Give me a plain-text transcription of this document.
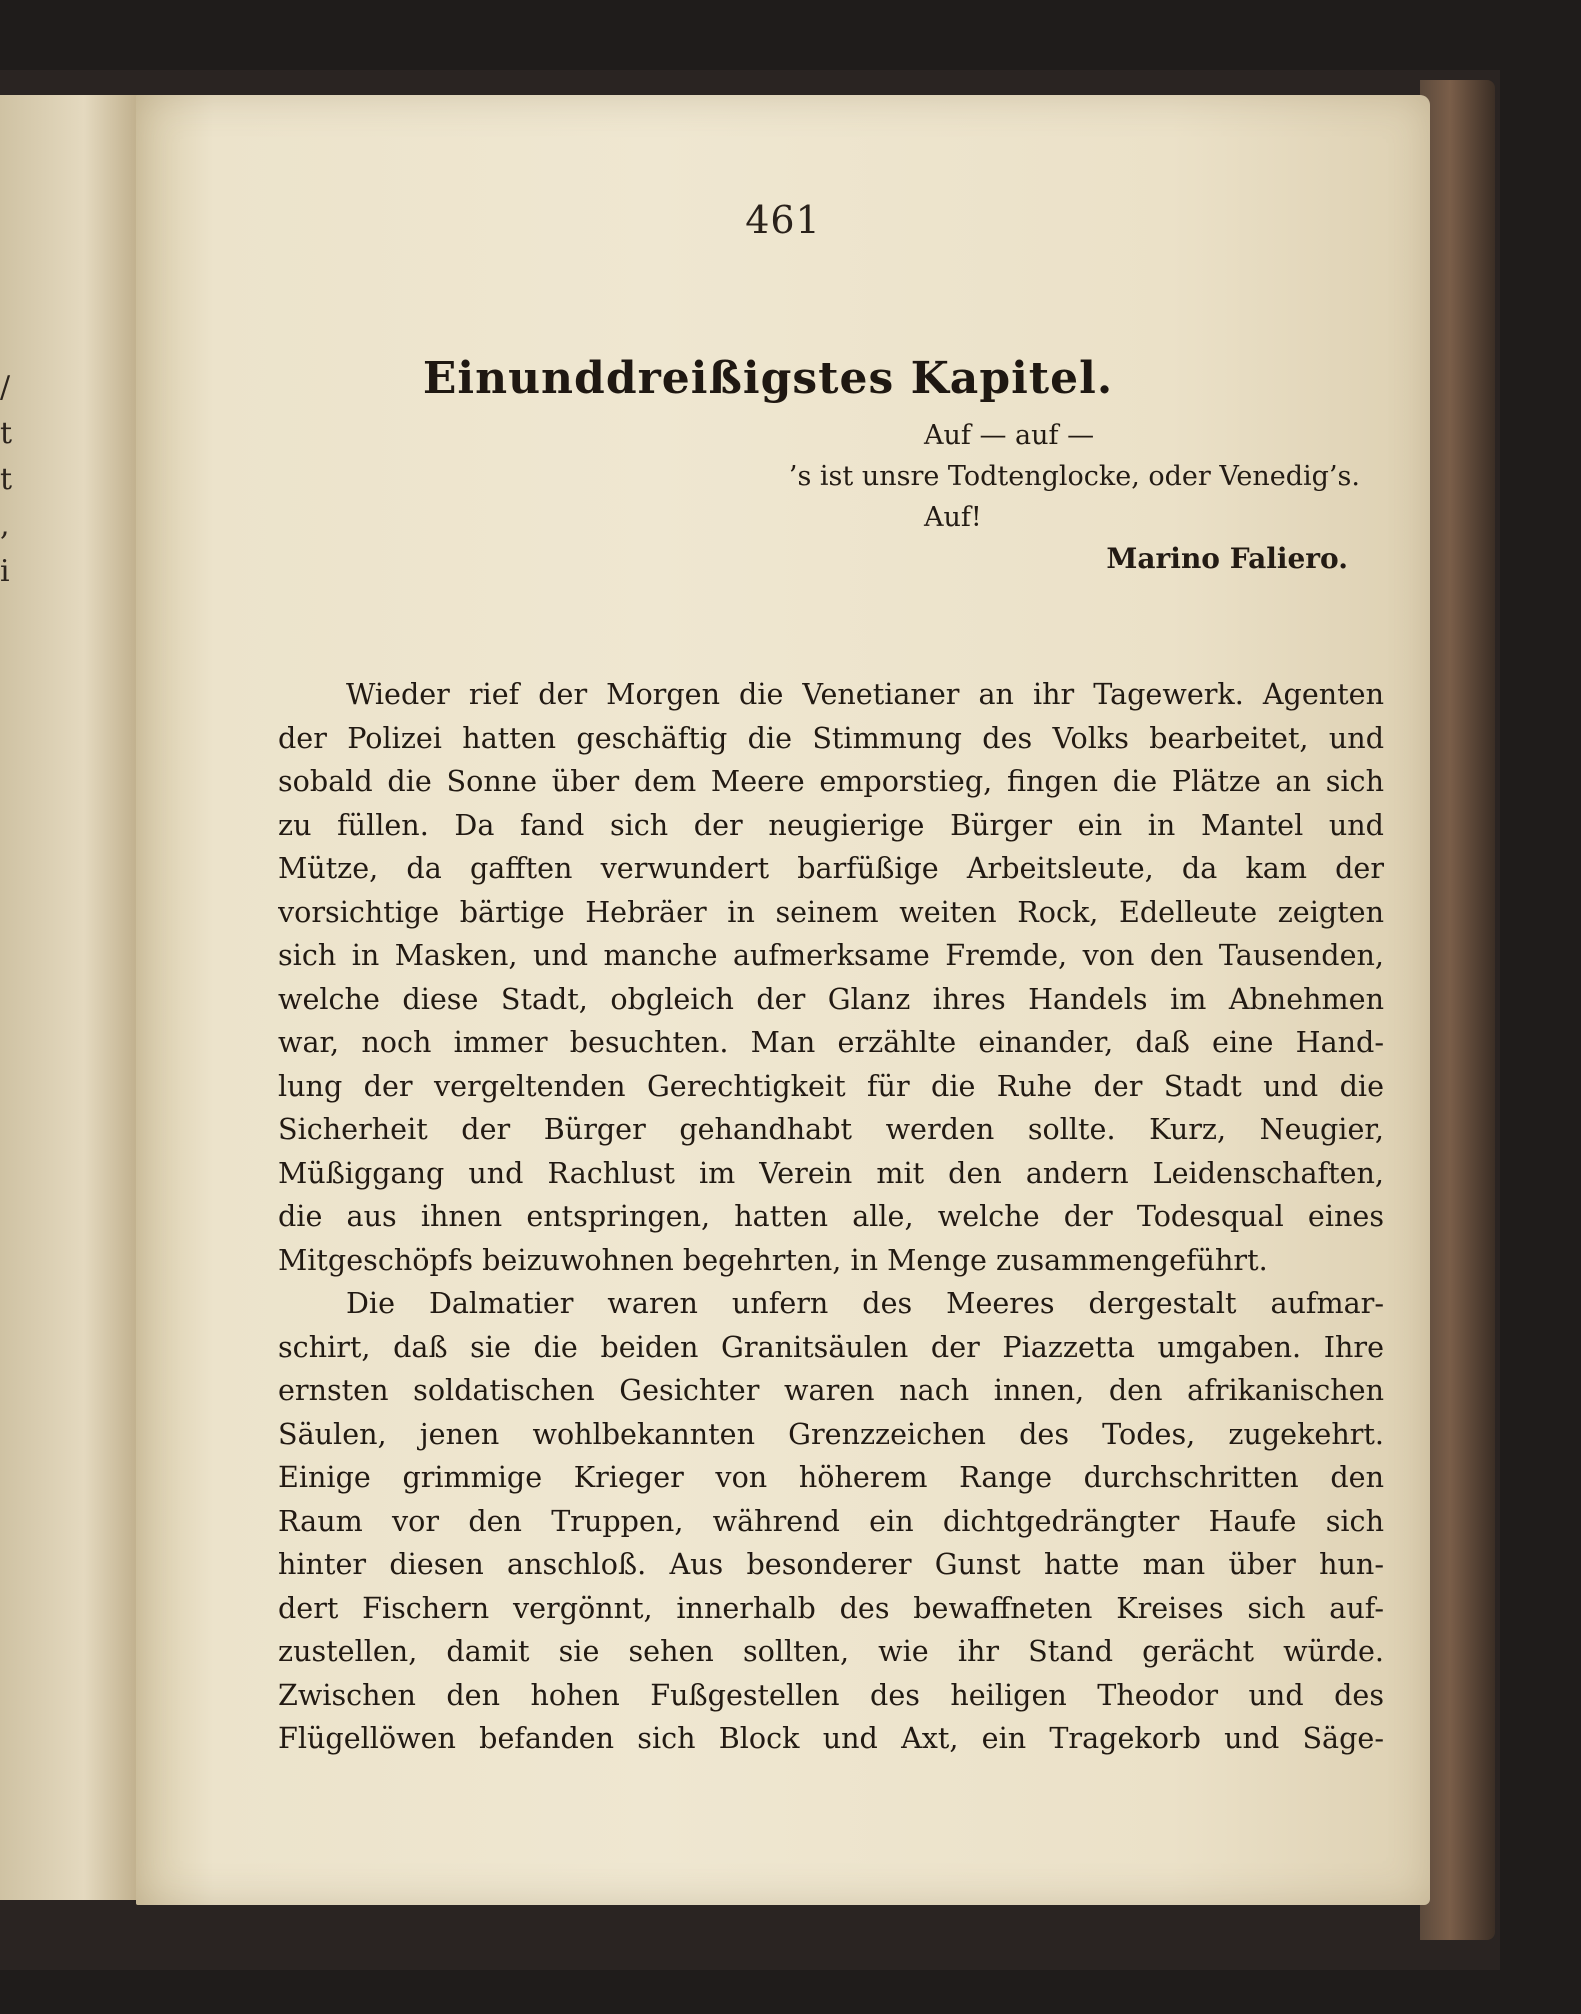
/
t
t
,
i
461
Einunddreißigstes Kapitel.
Auf — auf —
’s ist unsre Todtenglocke, oder Venedig’s.
Auf!
Marino Faliero.
Wieder rief der Morgen die Venetianer an ihr Tagewerk. Agenten
der Polizei hatten geschäftig die Stimmung des Volks bearbeitet, und
sobald die Sonne über dem Meere emporstieg, fingen die Plätze an sich
zu füllen. Da fand sich der neugierige Bürger ein in Mantel und
Mütze, da gafften verwundert barfüßige Arbeitsleute, da kam der
vorsichtige bärtige Hebräer in seinem weiten Rock, Edelleute zeigten
sich in Masken, und manche aufmerksame Fremde, von den Tausenden,
welche diese Stadt, obgleich der Glanz ihres Handels im Abnehmen
war, noch immer besuchten. Man erzählte einander, daß eine Hand-
lung der vergeltenden Gerechtigkeit für die Ruhe der Stadt und die
Sicherheit der Bürger gehandhabt werden sollte. Kurz, Neugier,
Müßiggang und Rachlust im Verein mit den andern Leidenschaften,
die aus ihnen entspringen, hatten alle, welche der Todesqual eines
Mitgeschöpfs beizuwohnen begehrten, in Menge zusammengeführt.
Die Dalmatier waren unfern des Meeres dergestalt aufmar-
schirt, daß sie die beiden Granitsäulen der Piazzetta umgaben. Ihre
ernsten soldatischen Gesichter waren nach innen, den afrikanischen
Säulen, jenen wohlbekannten Grenzzeichen des Todes, zugekehrt.
Einige grimmige Krieger von höherem Range durchschritten den
Raum vor den Truppen, während ein dichtgedrängter Haufe sich
hinter diesen anschloß. Aus besonderer Gunst hatte man über hun-
dert Fischern vergönnt, innerhalb des bewaffneten Kreises sich auf-
zustellen, damit sie sehen sollten, wie ihr Stand gerächt würde.
Zwischen den hohen Fußgestellen des heiligen Theodor und des
Flügellöwen befanden sich Block und Axt, ein Tragekorb und Säge-
